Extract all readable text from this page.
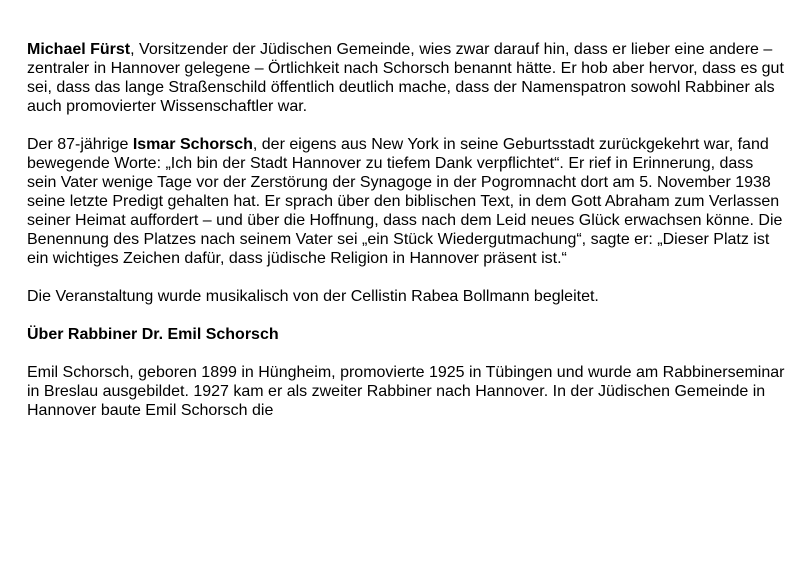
Michael Fürst, Vorsitzender der Jüdischen Gemeinde, wies zwar darauf hin, dass er lieber eine andere – zentraler in Hannover gelegene – Örtlichkeit nach Schorsch benannt hätte. Er hob aber hervor, dass es gut sei, dass das lange Straßenschild öffentlich deutlich mache, dass der Namenspatron sowohl Rabbiner als auch promovierter Wissenschaftler war.

Der 87-jährige Ismar Schorsch, der eigens aus New York in seine Geburtsstadt zurückgekehrt war, fand bewegende Worte: „Ich bin der Stadt Hannover zu tiefem Dank verpflichtet“. Er rief in Erinnerung, dass sein Vater wenige Tage vor der Zerstörung der Synagoge in der Pogromnacht dort am 5. November 1938 seine letzte Predigt gehalten hat. Er sprach über den biblischen Text, in dem Gott Abraham zum Verlassen seiner Heimat auffordert – und über die Hoffnung, dass nach dem Leid neues Glück erwachsen könne. Die Benennung des Platzes nach seinem Vater sei „ein Stück Wiedergutmachung“, sagte er: „Dieser Platz ist ein wichtiges Zeichen dafür, dass jüdische Religion in Hannover präsent ist.“

Die Veranstaltung wurde musikalisch von der Cellistin Rabea Bollmann begleitet.

Über Rabbiner Dr. Emil Schorsch

Emil Schorsch, geboren 1899 in Hüngheim, promovierte 1925 in Tübingen und wurde am Rabbinerseminar in Breslau ausgebildet. 1927 kam er als zweiter Rabbiner nach Hannover. In der Jüdischen Gemeinde in Hannover baute Emil Schorsch die
